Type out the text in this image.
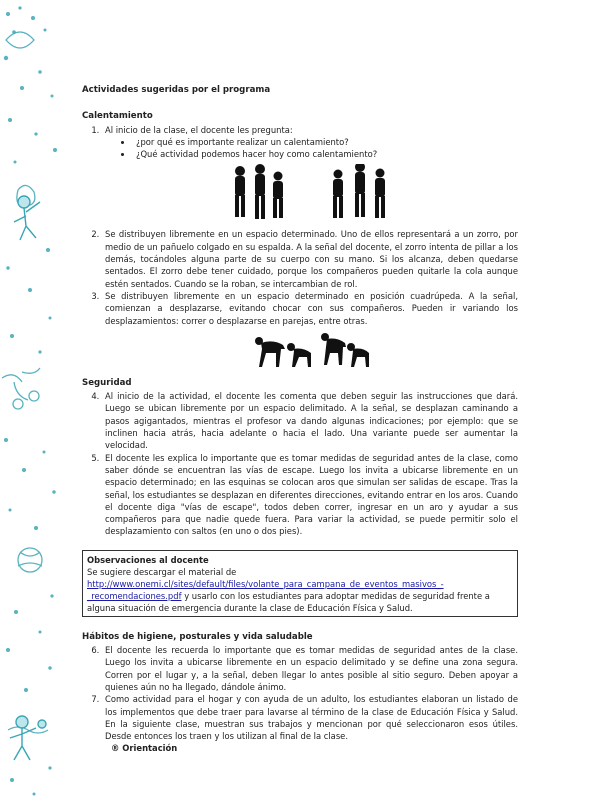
Actividades sugeridas por el programa
Calentamiento
1. Al inicio de la clase, el docente les pregunta:
• ¿por qué es importante realizar un calentamiento?
• ¿Qué actividad podemos hacer hoy como calentamiento?
2. Se distribuyen libremente en un espacio determinado. Uno de ellos representará a un zorro, por medio de un pañuelo colgado en su espalda. A la señal del docente, el zorro intenta de pillar a los demás, tocándoles alguna parte de su cuerpo con su mano. Si los alcanza, deben quedarse sentados. El zorro debe tener cuidado, porque los compañeros pueden quitarle la cola aunque estén sentados. Cuando se la roban, se intercambian de rol.
3. Se distribuyen libremente en un espacio determinado en posición cuadrúpeda. A la señal, comienzan a desplazarse, evitando chocar con sus compañeros. Pueden ir variando los desplazamientos: correr o desplazarse en parejas, entre otras.
Seguridad
4. Al inicio de la actividad, el docente les comenta que deben seguir las instrucciones que dará. Luego se ubican libremente por un espacio delimitado. A la señal, se desplazan caminando a pasos agigantados, mientras el profesor va dando algunas indicaciones; por ejemplo: que se inclinen hacia atrás, hacia adelante o hacia el lado. Una variante puede ser aumentar la velocidad.
5. El docente les explica lo importante que es tomar medidas de seguridad antes de la clase, como saber dónde se encuentran las vías de escape. Luego los invita a ubicarse libremente en un espacio determinado; en las esquinas se colocan aros que simulan ser salidas de escape. Tras la señal, los estudiantes se desplazan en diferentes direcciones, evitando entrar en los aros. Cuando el docente diga "vías de escape", todos deben correr, ingresar en un aro y ayudar a sus compañeros para que nadie quede fuera. Para variar la actividad, se puede permitir solo el desplazamiento con saltos (en uno o dos pies).
Observaciones al docente
Se sugiere descargar el material de
http://www.onemi.cl/sites/default/files/volante_para_campana_de_eventos_masivos_-_recomendaciones.pdf y usarlo con los estudiantes para adoptar medidas de seguridad frente a alguna situación de emergencia durante la clase de Educación Física y Salud.
Hábitos de higiene, posturales y vida saludable
6. El docente les recuerda lo importante que es tomar medidas de seguridad antes de la clase. Luego los invita a ubicarse libremente en un espacio delimitado y se define una zona segura. Corren por el lugar y, a la señal, deben llegar lo antes posible al sitio seguro. Deben apoyar a quienes aún no ha llegado, dándole ánimo.
7. Como actividad para el hogar y con ayuda de un adulto, los estudiantes elaboran un listado de los implementos que debe traer para lavarse al término de la clase de Educación Física y Salud. En la siguiente clase, muestran sus trabajos y mencionan por qué seleccionaron esos útiles. Desde entonces los traen y los utilizan al final de la clase.
® Orientación
